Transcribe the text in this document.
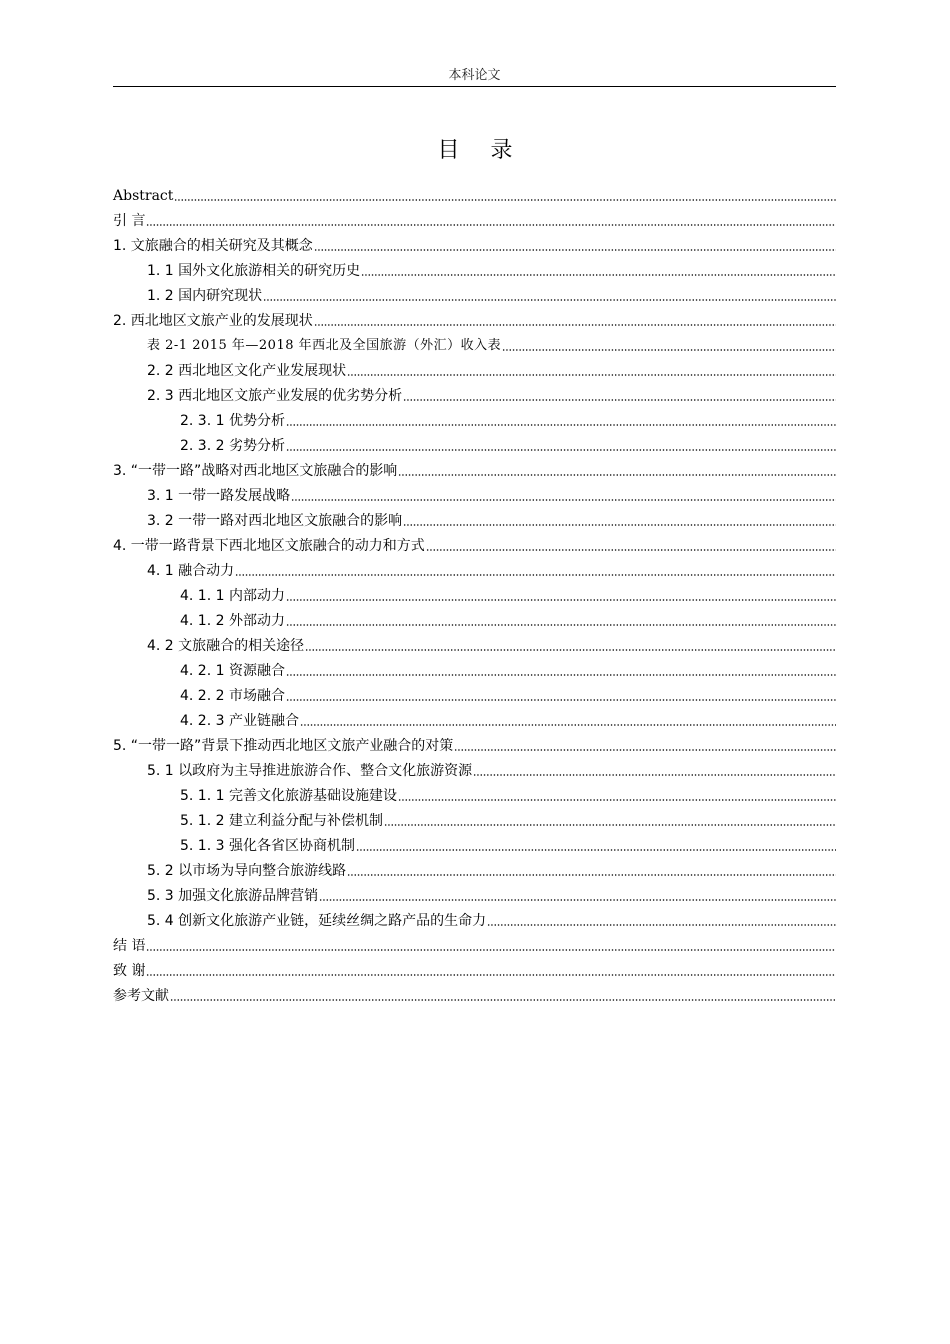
本科论文
目 录
Abstract
引 言
1. 文旅融合的相关研究及其概念
1. 1 国外文化旅游相关的研究历史
1. 2 国内研究现状
2. 西北地区文旅产业的发展现状
表 2-1 2015 年—2018 年西北及全国旅游（外汇）收入表
2. 2 西北地区文化产业发展现状
2. 3 西北地区文旅产业发展的优劣势分析
2. 3. 1 优势分析
2. 3. 2 劣势分析
3. “一带一路”战略对西北地区文旅融合的影响
3. 1 一带一路发展战略
3. 2 一带一路对西北地区文旅融合的影响
4. 一带一路背景下西北地区文旅融合的动力和方式
4. 1 融合动力
4. 1. 1 内部动力
4. 1. 2 外部动力
4. 2 文旅融合的相关途径
4. 2. 1 资源融合
4. 2. 2 市场融合
4. 2. 3 产业链融合
5. “一带一路”背景下推动西北地区文旅产业融合的对策
5. 1 以政府为主导推进旅游合作、整合文化旅游资源
5. 1. 1 完善文化旅游基础设施建设
5. 1. 2 建立利益分配与补偿机制
5. 1. 3 强化各省区协商机制
5. 2 以市场为导向整合旅游线路
5. 3 加强文化旅游品牌营销
5. 4 创新文化旅游产业链，延续丝绸之路产品的生命力
结 语
致 谢
参考文献
